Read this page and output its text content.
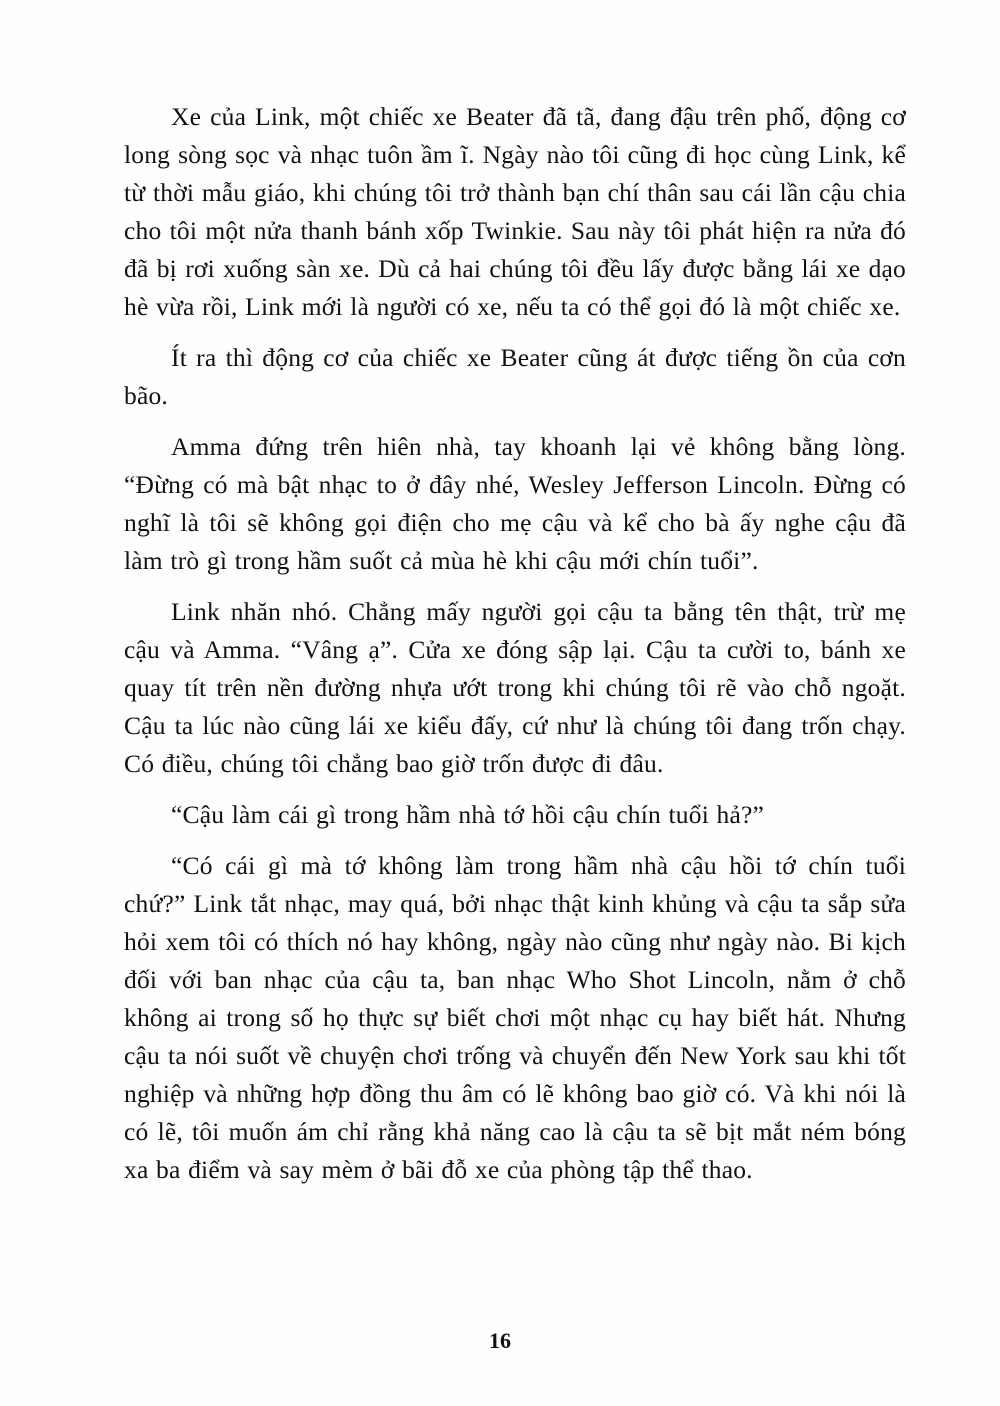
Xe của Link, một chiếc xe Beater đã tã, đang đậu trên phố, động cơ long sòng sọc và nhạc tuôn ầm ĩ. Ngày nào tôi cũng đi học cùng Link, kể từ thời mẫu giáo, khi chúng tôi trở thành bạn chí thân sau cái lần cậu chia cho tôi một nửa thanh bánh xốp Twinkie. Sau này tôi phát hiện ra nửa đó đã bị rơi xuống sàn xe. Dù cả hai chúng tôi đều lấy được bằng lái xe dạo hè vừa rồi, Link mới là người có xe, nếu ta có thể gọi đó là một chiếc xe.

Ít ra thì động cơ của chiếc xe Beater cũng át được tiếng ồn của cơn bão.

Amma đứng trên hiên nhà, tay khoanh lại vẻ không bằng lòng. “Đừng có mà bật nhạc to ở đây nhé, Wesley Jefferson Lincoln. Đừng có nghĩ là tôi sẽ không gọi điện cho mẹ cậu và kể cho bà ấy nghe cậu đã làm trò gì trong hầm suốt cả mùa hè khi cậu mới chín tuổi”.

Link nhăn nhó. Chẳng mấy người gọi cậu ta bằng tên thật, trừ mẹ cậu và Amma. “Vâng ạ”. Cửa xe đóng sập lại. Cậu ta cười to, bánh xe quay tít trên nền đường nhựa ướt trong khi chúng tôi rẽ vào chỗ ngoặt. Cậu ta lúc nào cũng lái xe kiểu đấy, cứ như là chúng tôi đang trốn chạy. Có điều, chúng tôi chẳng bao giờ trốn được đi đâu.

“Cậu làm cái gì trong hầm nhà tớ hồi cậu chín tuổi hả?”

“Có cái gì mà tớ không làm trong hầm nhà cậu hồi tớ chín tuổi chứ?” Link tắt nhạc, may quá, bởi nhạc thật kinh khủng và cậu ta sắp sửa hỏi xem tôi có thích nó hay không, ngày nào cũng như ngày nào. Bi kịch đối với ban nhạc của cậu ta, ban nhạc Who Shot Lincoln, nằm ở chỗ không ai trong số họ thực sự biết chơi một nhạc cụ hay biết hát. Nhưng cậu ta nói suốt về chuyện chơi trống và chuyển đến New York sau khi tốt nghiệp và những hợp đồng thu âm có lẽ không bao giờ có. Và khi nói là có lẽ, tôi muốn ám chỉ rằng khả năng cao là cậu ta sẽ bịt mắt ném bóng xa ba điểm và say mèm ở bãi đỗ xe của phòng tập thể thao.

16
